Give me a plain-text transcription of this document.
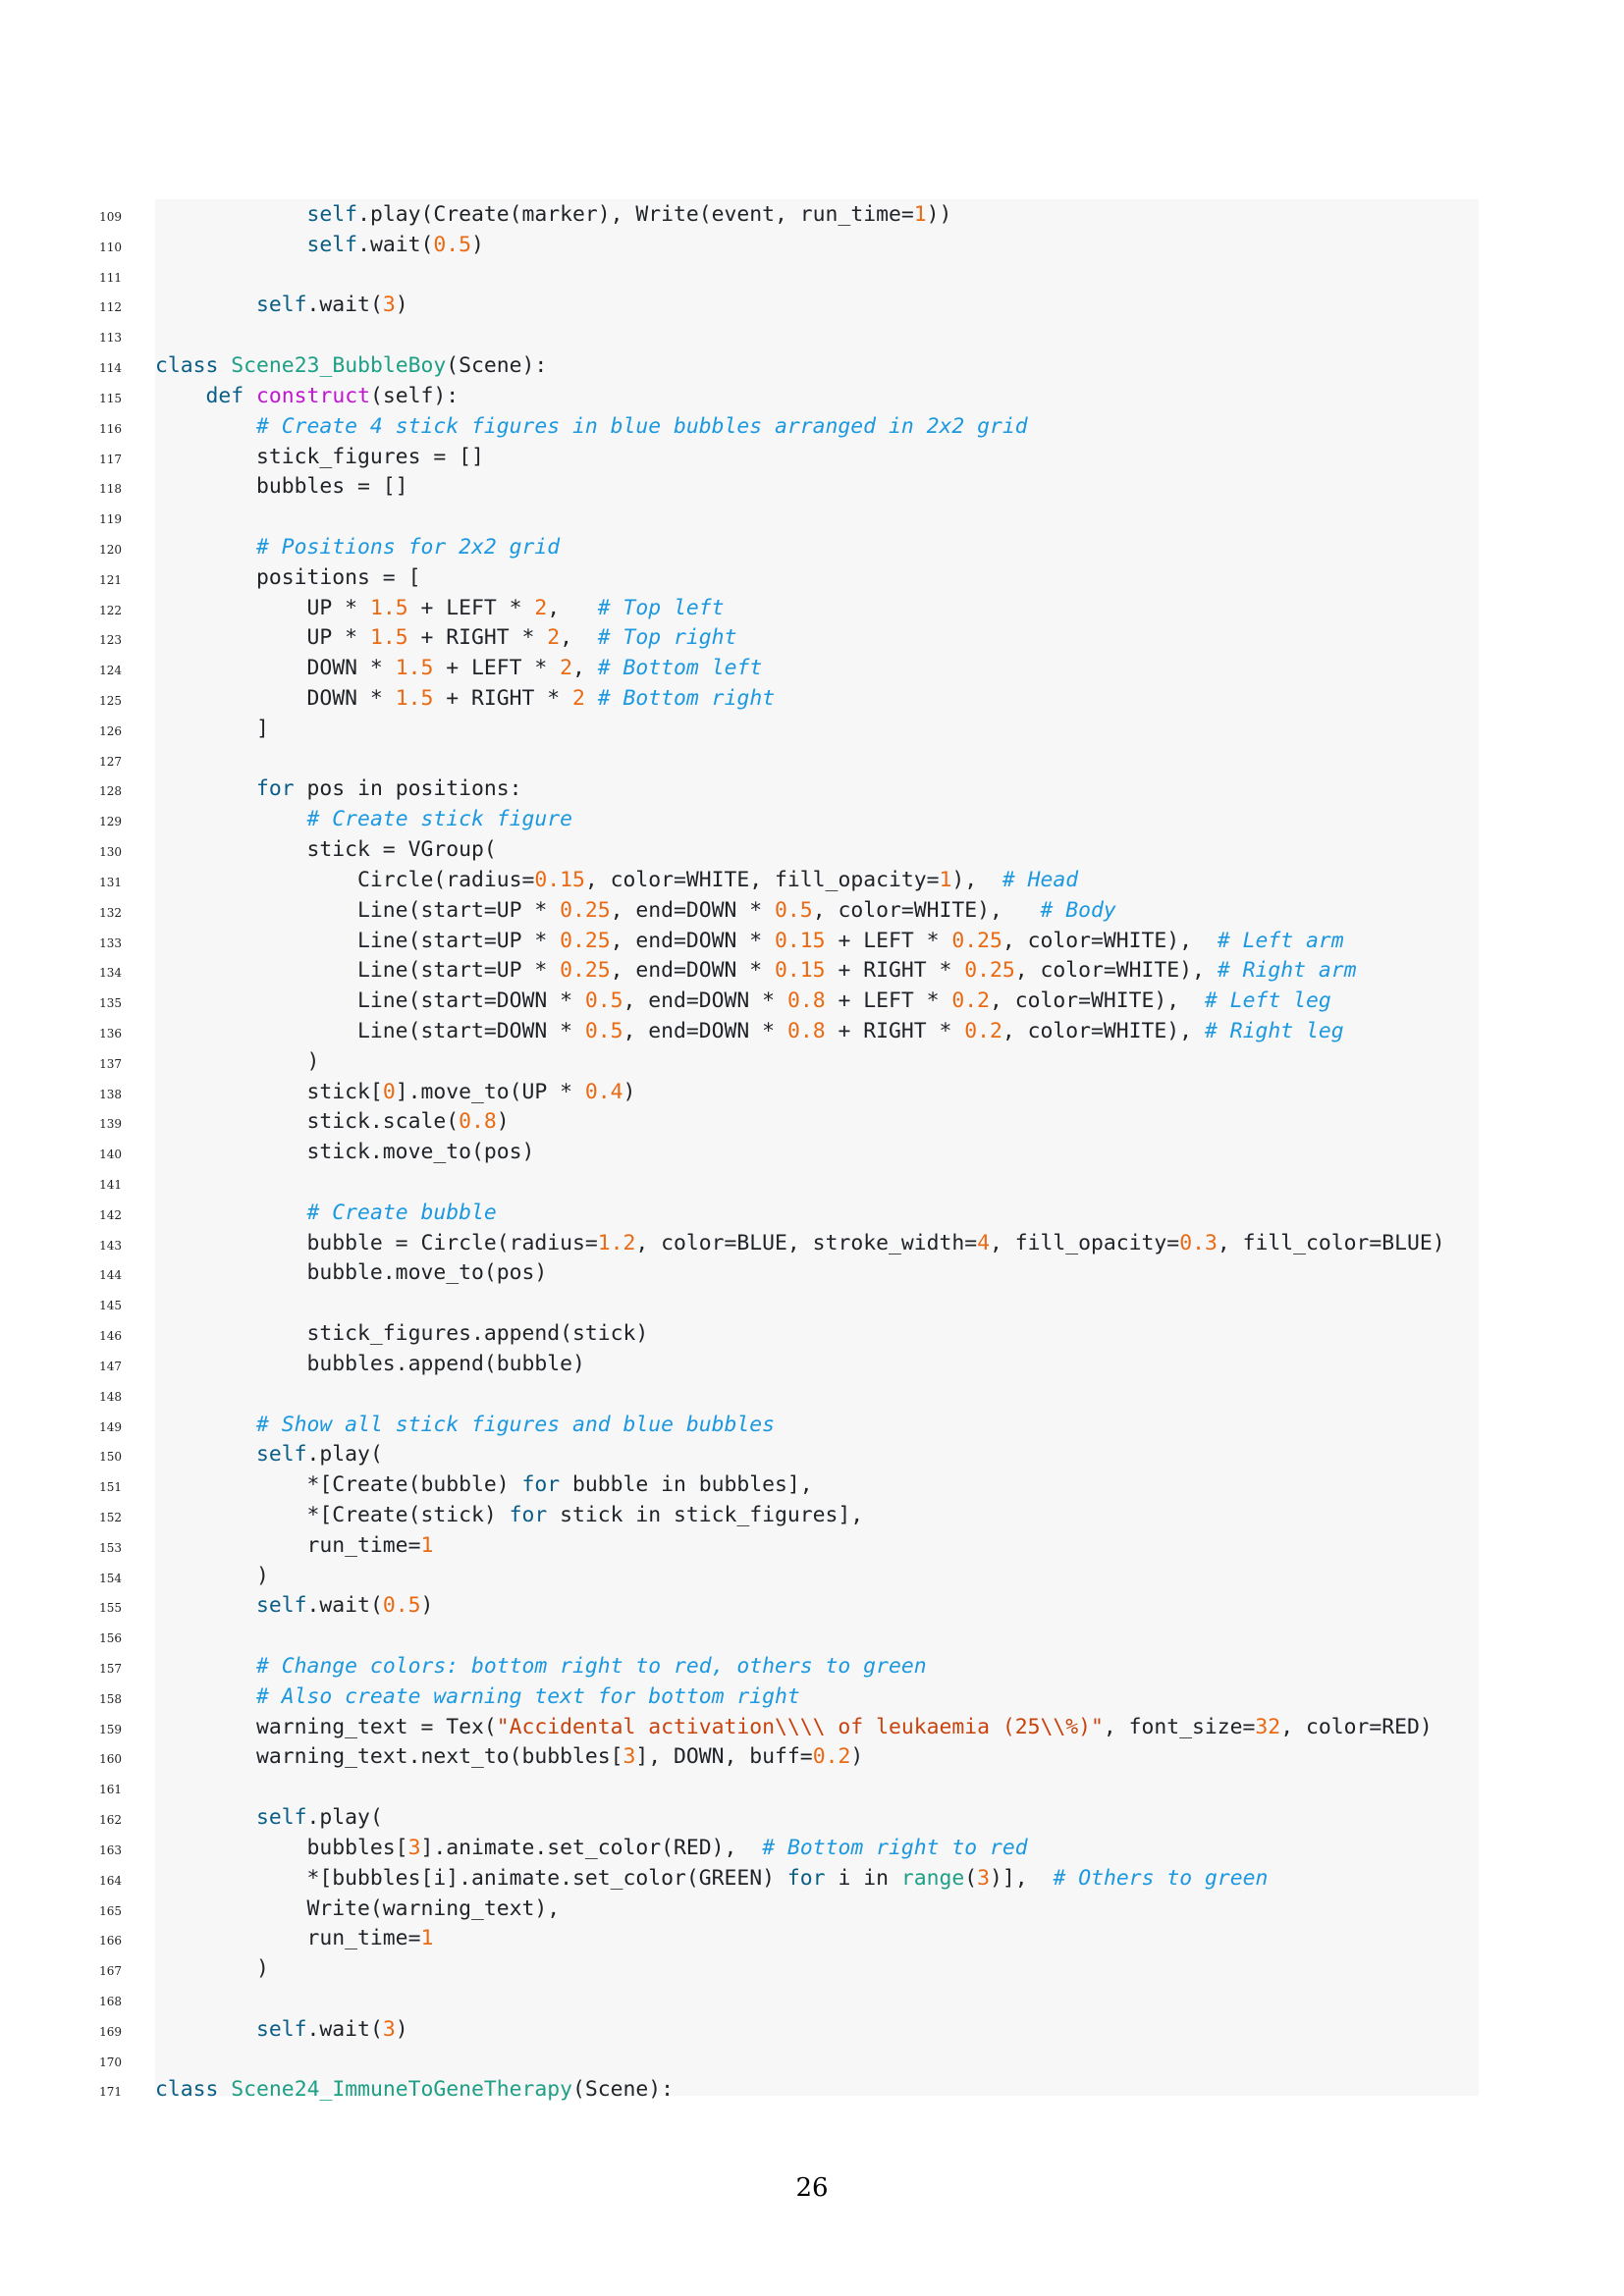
109	self.play(Create(marker), Write(event, run_time=1))
110	self.wait(0.5)
111
112	self.wait(3)
113
114 class Scene23_BubbleBoy(Scene):
115	def construct(self):
116	# Create 4 stick figures in blue bubbles arranged in 2x2 grid
117 stick_figures = []
118 bubbles = []
119
120	# Positions for 2x2 grid
121 positions = [
122 UP * 1.5 + LEFT * 2,   # Top left
123 UP * 1.5 + RIGHT * 2,  # Top right
124 DOWN * 1.5 + LEFT * 2, # Bottom left
125 DOWN * 1.5 + RIGHT * 2 # Bottom right
126 ]
127
128	for pos in positions:
129	# Create stick figure
130 stick = VGroup(
131 Circle(radius=0.15, color=WHITE, fill_opacity=1),  # Head
132 Line(start=UP * 0.25, end=DOWN * 0.5, color=WHITE),   # Body
133 Line(start=UP * 0.25, end=DOWN * 0.15 + LEFT * 0.25, color=WHITE),  # Left arm
134 Line(start=UP * 0.25, end=DOWN * 0.15 + RIGHT * 0.25, color=WHITE), # Right arm
135 Line(start=DOWN * 0.5, end=DOWN * 0.8 + LEFT * 0.2, color=WHITE),  # Left leg
136 Line(start=DOWN * 0.5, end=DOWN * 0.8 + RIGHT * 0.2, color=WHITE), # Right leg
137 )
138 stick[0].move_to(UP * 0.4)
139 stick.scale(0.8)
140 stick.move_to(pos)
141
142	# Create bubble
143 bubble = Circle(radius=1.2, color=BLUE, stroke_width=4, fill_opacity=0.3, fill_color=BLUE)
144 bubble.move_to(pos)
145
146 stick_figures.append(stick)
147 bubbles.append(bubble)
148
149	# Show all stick figures and blue bubbles
150	self.play(
151 *[Create(bubble) for bubble in bubbles],
152 *[Create(stick) for stick in stick_figures],
153 run_time=1
154 )
155	self.wait(0.5)
156
157	# Change colors: bottom right to red, others to green
158	# Also create warning text for bottom right
159 warning_text = Tex("Accidental activation\\\\ of leukaemia (25\\%)", font_size=32, color=RED)
160 warning_text.next_to(bubbles[3], DOWN, buff=0.2)
161
162	self.play(
163 bubbles[3].animate.set_color(RED),  # Bottom right to red
164 *[bubbles[i].animate.set_color(GREEN) for i in range(3)],  # Others to green
165 Write(warning_text),
166 run_time=1
167 )
168
169	self.wait(3)
170
171 class Scene24_ImmuneToGeneTherapy(Scene):
26
